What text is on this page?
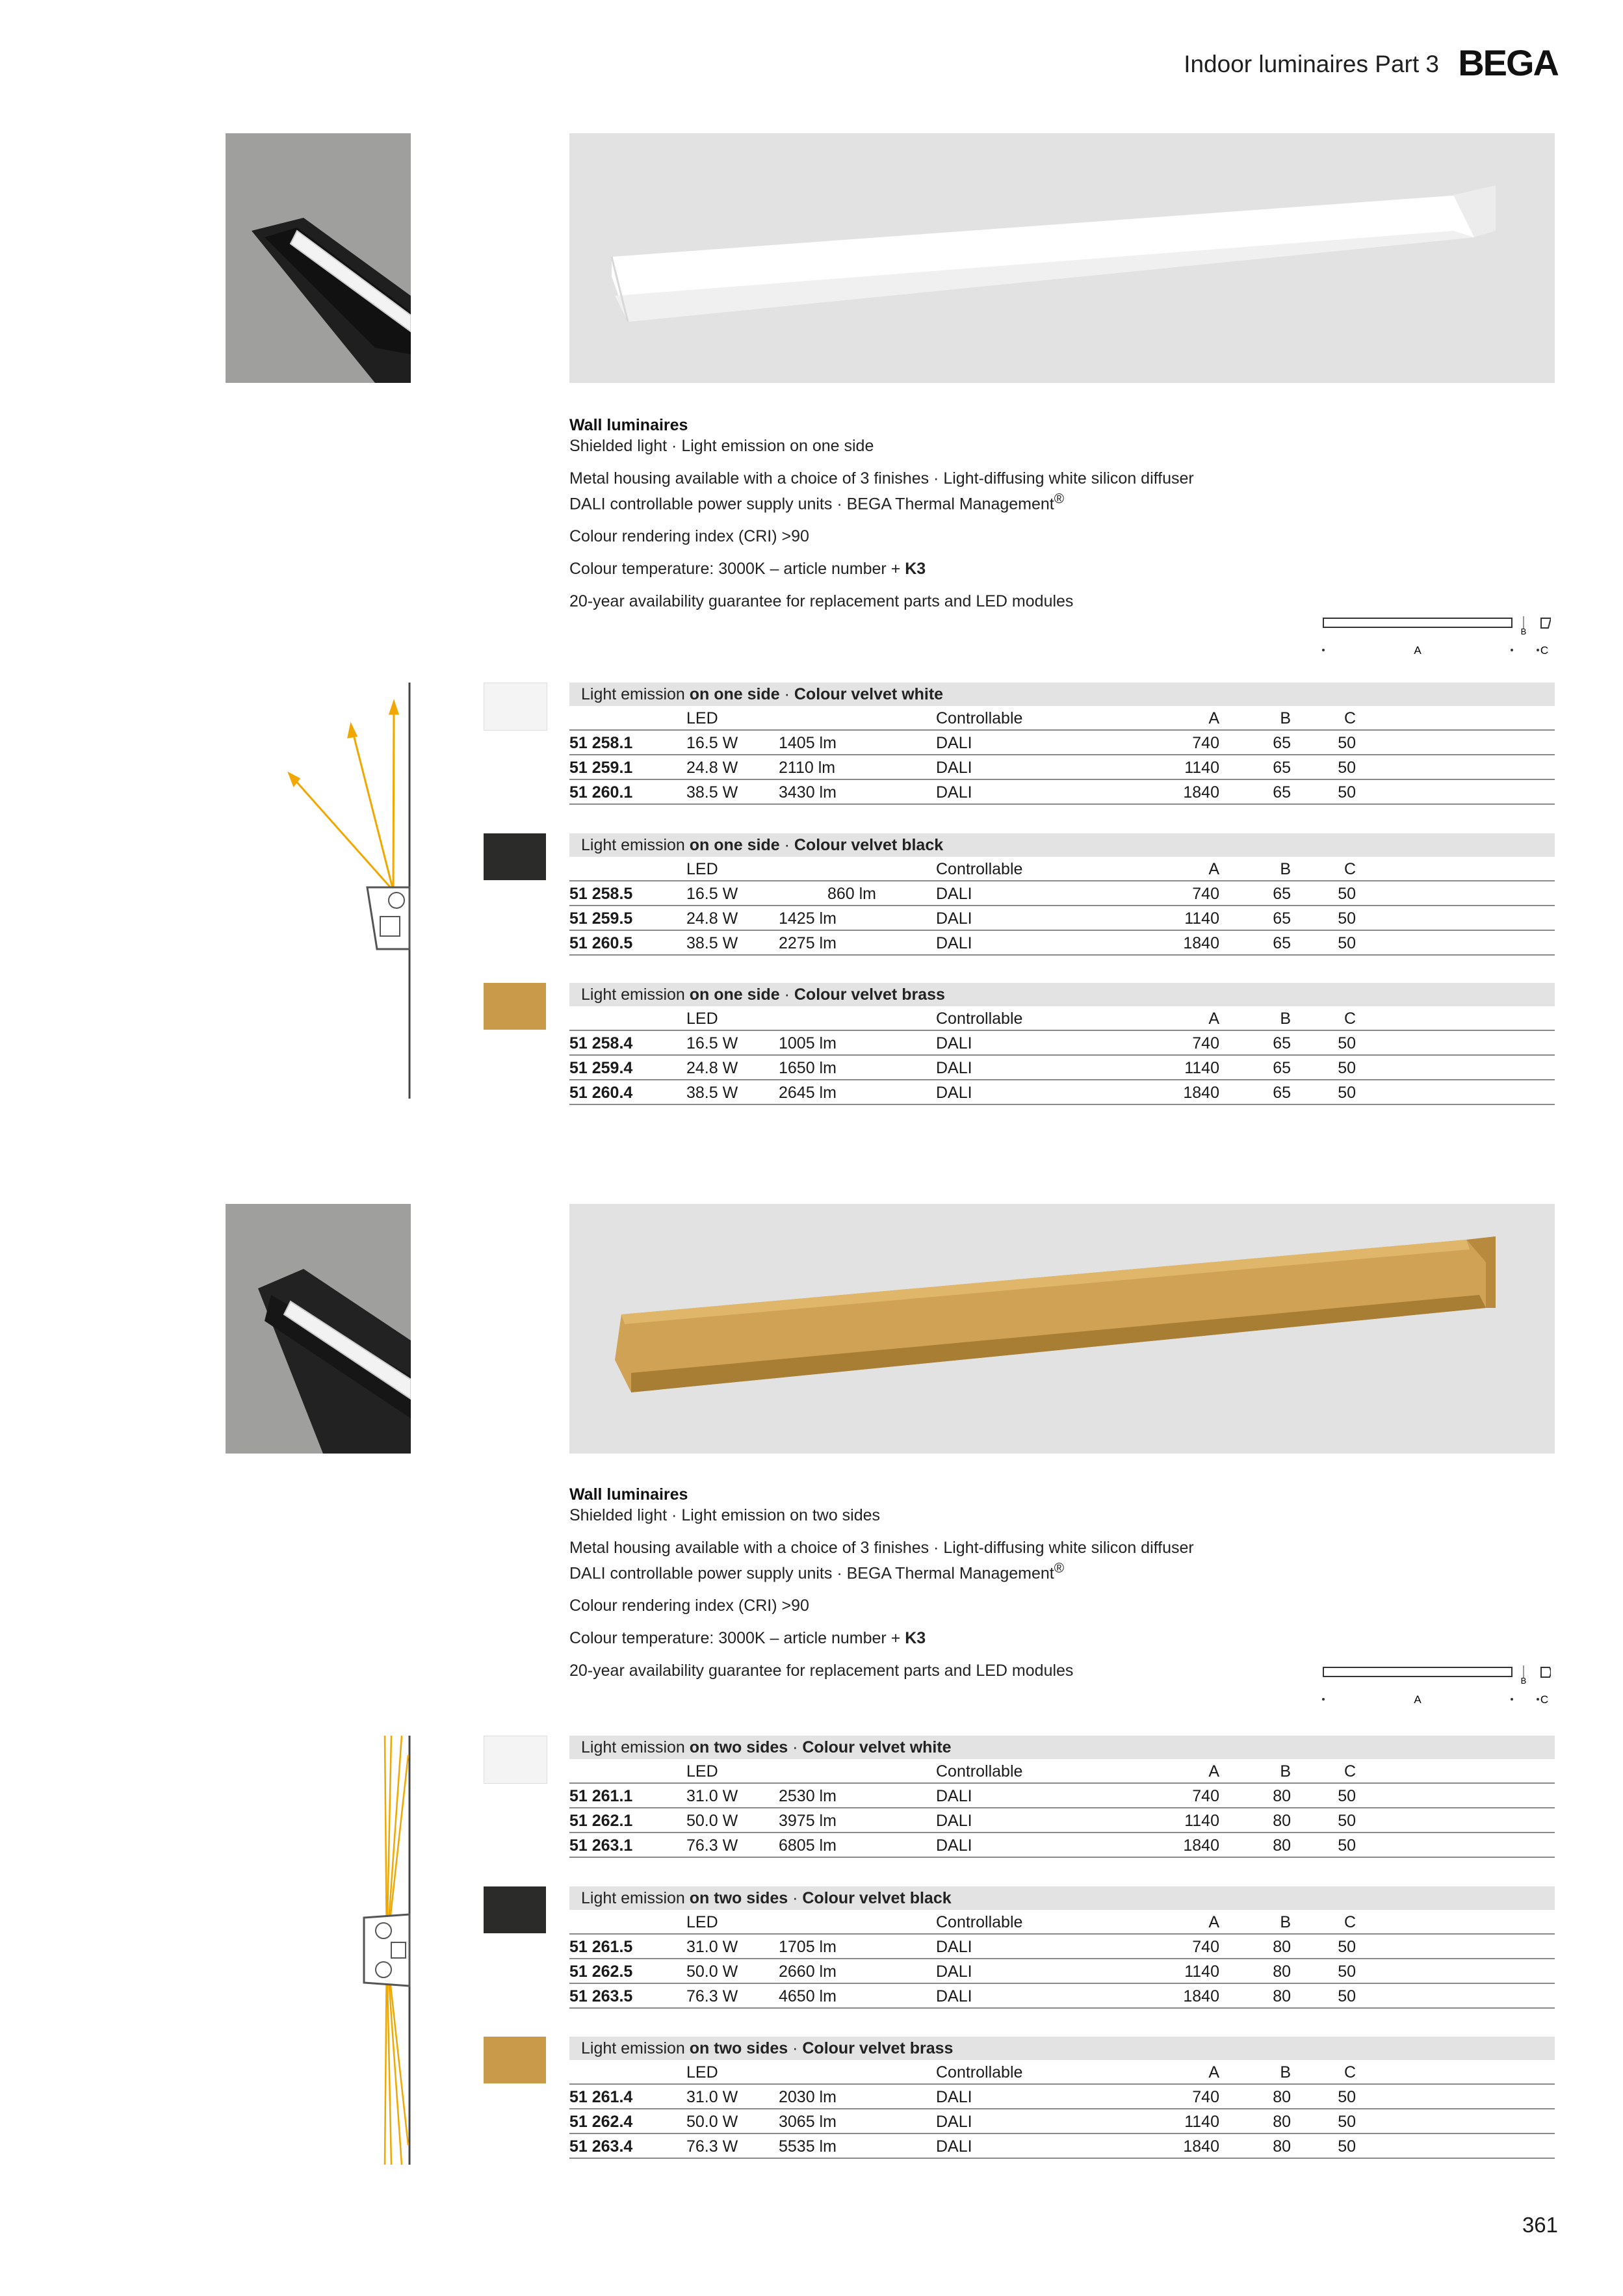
Indoor luminaires Part 3 BEGA

Wall luminaires

Shielded light · Light emission on one side

Metal housing available with a choice of 3 finishes · Light-diffusing white silicon diffuser

DALI controllable power supply units · BEGA Thermal Management®

Colour rendering index (CRI) >90

Colour temperature: 3000K – article number + K3

20-year availability guarantee for replacement parts and LED modules

A
B
C
Light emission on one side · Colour velvet white
LED	Controllable	A	B	C
51 258.1	16.5 W	1405 lm	DALI	740	65	50
51 259.1	24.8 W	2110 lm	DALI	1140	65	50
51 260.1	38.5 W	3430 lm	DALI	1840	65	50
Light emission on one side · Colour velvet black
LED	Controllable	A	B	C
51 258.5	16.5 W	860 lm	DALI	740	65	50
51 259.5	24.8 W	1425 lm	DALI	1140	65	50
51 260.5	38.5 W	2275 lm	DALI	1840	65	50
Light emission on one side · Colour velvet brass
LED	Controllable	A	B	C
51 258.4	16.5 W	1005 lm	DALI	740	65	50
51 259.4	24.8 W	1650 lm	DALI	1140	65	50
51 260.4	38.5 W	2645 lm	DALI	1840	65	50

Wall luminaires

Shielded light · Light emission on two sides

Metal housing available with a choice of 3 finishes · Light-diffusing white silicon diffuser

DALI controllable power supply units · BEGA Thermal Management®

Colour rendering index (CRI) >90

Colour temperature: 3000K – article number + K3

20-year availability guarantee for replacement parts and LED modules

A
B
C
Light emission on two sides · Colour velvet white
LED	Controllable	A	B	C
51 261.1	31.0 W	2530 lm	DALI	740	80	50
51 262.1	50.0 W	3975 lm	DALI	1140	80	50
51 263.1	76.3 W	6805 lm	DALI	1840	80	50
Light emission on two sides · Colour velvet black
LED	Controllable	A	B	C
51 261.5	31.0 W	1705 lm	DALI	740	80	50
51 262.5	50.0 W	2660 lm	DALI	1140	80	50
51 263.5	76.3 W	4650 lm	DALI	1840	80	50
Light emission on two sides · Colour velvet brass
LED	Controllable	A	B	C
51 261.4	31.0 W	2030 lm	DALI	740	80	50
51 262.4	50.0 W	3065 lm	DALI	1140	80	50
51 263.4	76.3 W	5535 lm	DALI	1840	80	50
361
